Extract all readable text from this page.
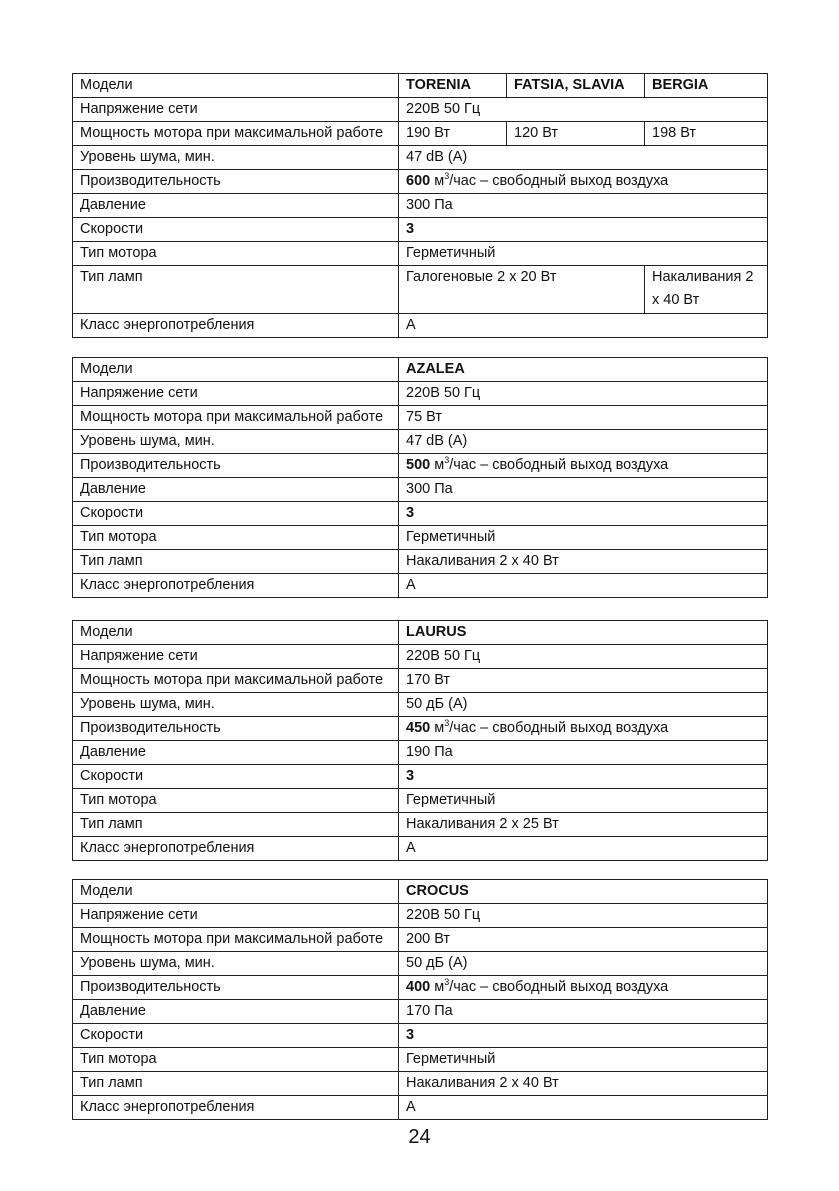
Модели	TORENIA	FATSIA, SLAVIA	BERGIA
Напряжение сети	220В 50 Гц		
Мощность мотора при максимальной работе	190 Вт	120 Вт	198 Вт
Уровень шума, мин.	47 dB (A)		
Производительность	600 $м^3$/час – свободный выход воздуха		
Давление	300 Па		
Скорости	3		
Тип мотора	Герметичный		
Тип ламп	Галогеновые 2 х 20 Вт		Накаливания 2 х 40 Вт
Класс энергопотребления	A		
Модели	AZALEA
Напряжение сети	220В 50 Гц
Мощность мотора при максимальной работе	75 Вт
Уровень шума, мин.	47 dB (A)
Производительность	500 $м^3$/час – свободный выход воздуха
Давление	300 Па
Скорости	3
Тип мотора	Герметичный
Тип ламп	Накаливания 2 х 40 Вт
Класс энергопотребления	A
Модели	LAURUS
Напряжение сети	220В 50 Гц
Мощность мотора при максимальной работе	170 Вт
Уровень шума, мин.	50 дБ (А)
Производительность	450 $м^3$/час – свободный выход воздуха
Давление	190 Па
Скорости	3
Тип мотора	Герметичный
Тип ламп	Накаливания 2 х 25 Вт
Класс энергопотребления	A
Модели	CROCUS
Напряжение сети	220В 50 Гц
Мощность мотора при максимальной работе	200 Вт
Уровень шума, мин.	50 дБ (А)
Производительность	400 $м^3$/час – свободный выход воздуха
Давление	170 Па
Скорости	3
Тип мотора	Герметичный
Тип ламп	Накаливания 2 х 40 Вт
Класс энергопотребления	A
24
